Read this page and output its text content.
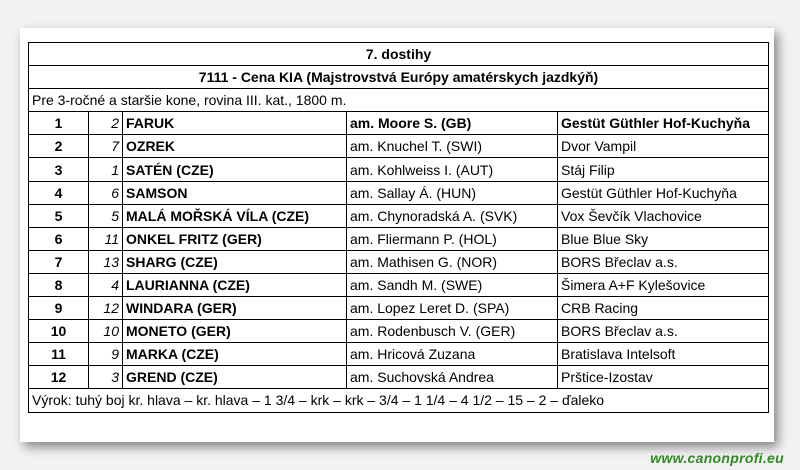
7. dostihy				
7111 - Cena KIA (Majstrovstvá Európy amatérskych jazdkýň)				
Pre 3-ročné a staršie kone, rovina III. kat., 1800 m.				
1	2	FARUK	am. Moore S. (GB)	Gestüt Güthler Hof-Kuchyňa
2	7	OZREK	am. Knuchel T. (SWI)	Dvor Vampil
3	1	SATÉN (CZE)	am. Kohlweiss I. (AUT)	Stáj Filip
4	6	SAMSON	am. Sallay Á. (HUN)	Gestüt Güthler Hof-Kuchyňa
5	5	MALÁ MOŘSKÁ VÍLA (CZE)	am. Chynoradská A. (SVK)	Vox Ševčík Vlachovice
6	11	ONKEL FRITZ (GER)	am. Fliermann P. (HOL)	Blue Blue Sky
7	13	SHARG (CZE)	am. Mathisen G. (NOR)	BORS Břeclav a.s.
8	4	LAURIANNA (CZE)	am. Sandh M. (SWE)	Šimera A+F Kylešovice
9	12	WINDARA (GER)	am. Lopez Leret D. (SPA)	CRB Racing
10	10	MONETO (GER)	am. Rodenbusch V. (GER)	BORS Břeclav a.s.
11	9	MARKA (CZE)	am. Hricová Zuzana	Bratislava Intelsoft
12	3	GREND (CZE)	am. Suchovská Andrea	Prštice-Izostav
Výrok: tuhý boj kr. hlava – kr. hlava – 1 3/4 – krk – krk – 3/4 – 1 1/4 – 4 1/2 – 15 – 2 – ďaleko				
www.canonprofi.eu
